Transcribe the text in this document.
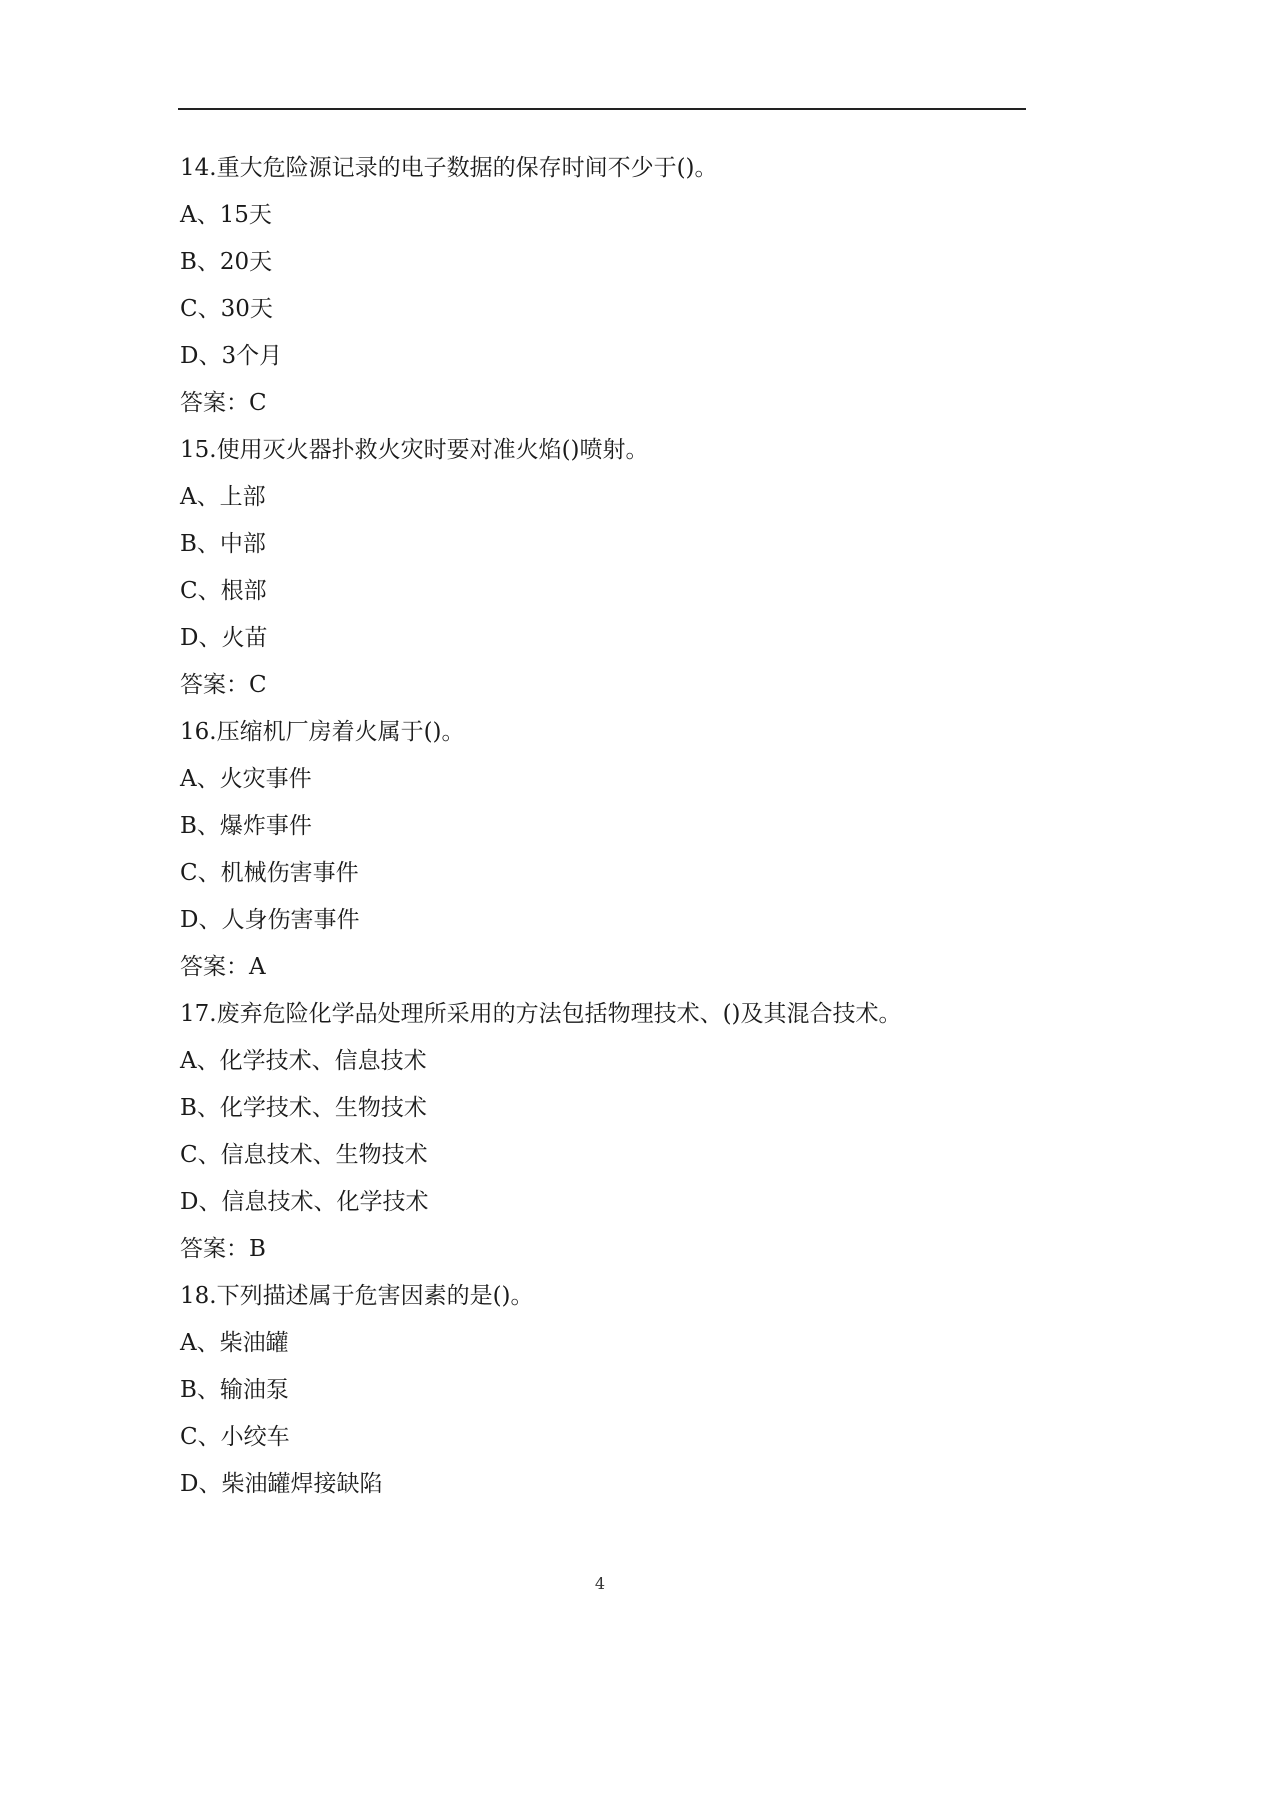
14.重大危险源记录的电子数据的保存时间不少于()。
A、15天
B、20天
C、30天
D、3个月
答案：C
15.使用灭火器扑救火灾时要对准火焰()喷射。
A、上部
B、中部
C、根部
D、火苗
答案：C
16.压缩机厂房着火属于()。
A、火灾事件
B、爆炸事件
C、机械伤害事件
D、人身伤害事件
答案：A
17.废弃危险化学品处理所采用的方法包括物理技术、()及其混合技术。
A、化学技术、信息技术
B、化学技术、生物技术
C、信息技术、生物技术
D、信息技术、化学技术
答案：B
18.下列描述属于危害因素的是()。
A、柴油罐
B、输油泵
C、小绞车
D、柴油罐焊接缺陷
4
